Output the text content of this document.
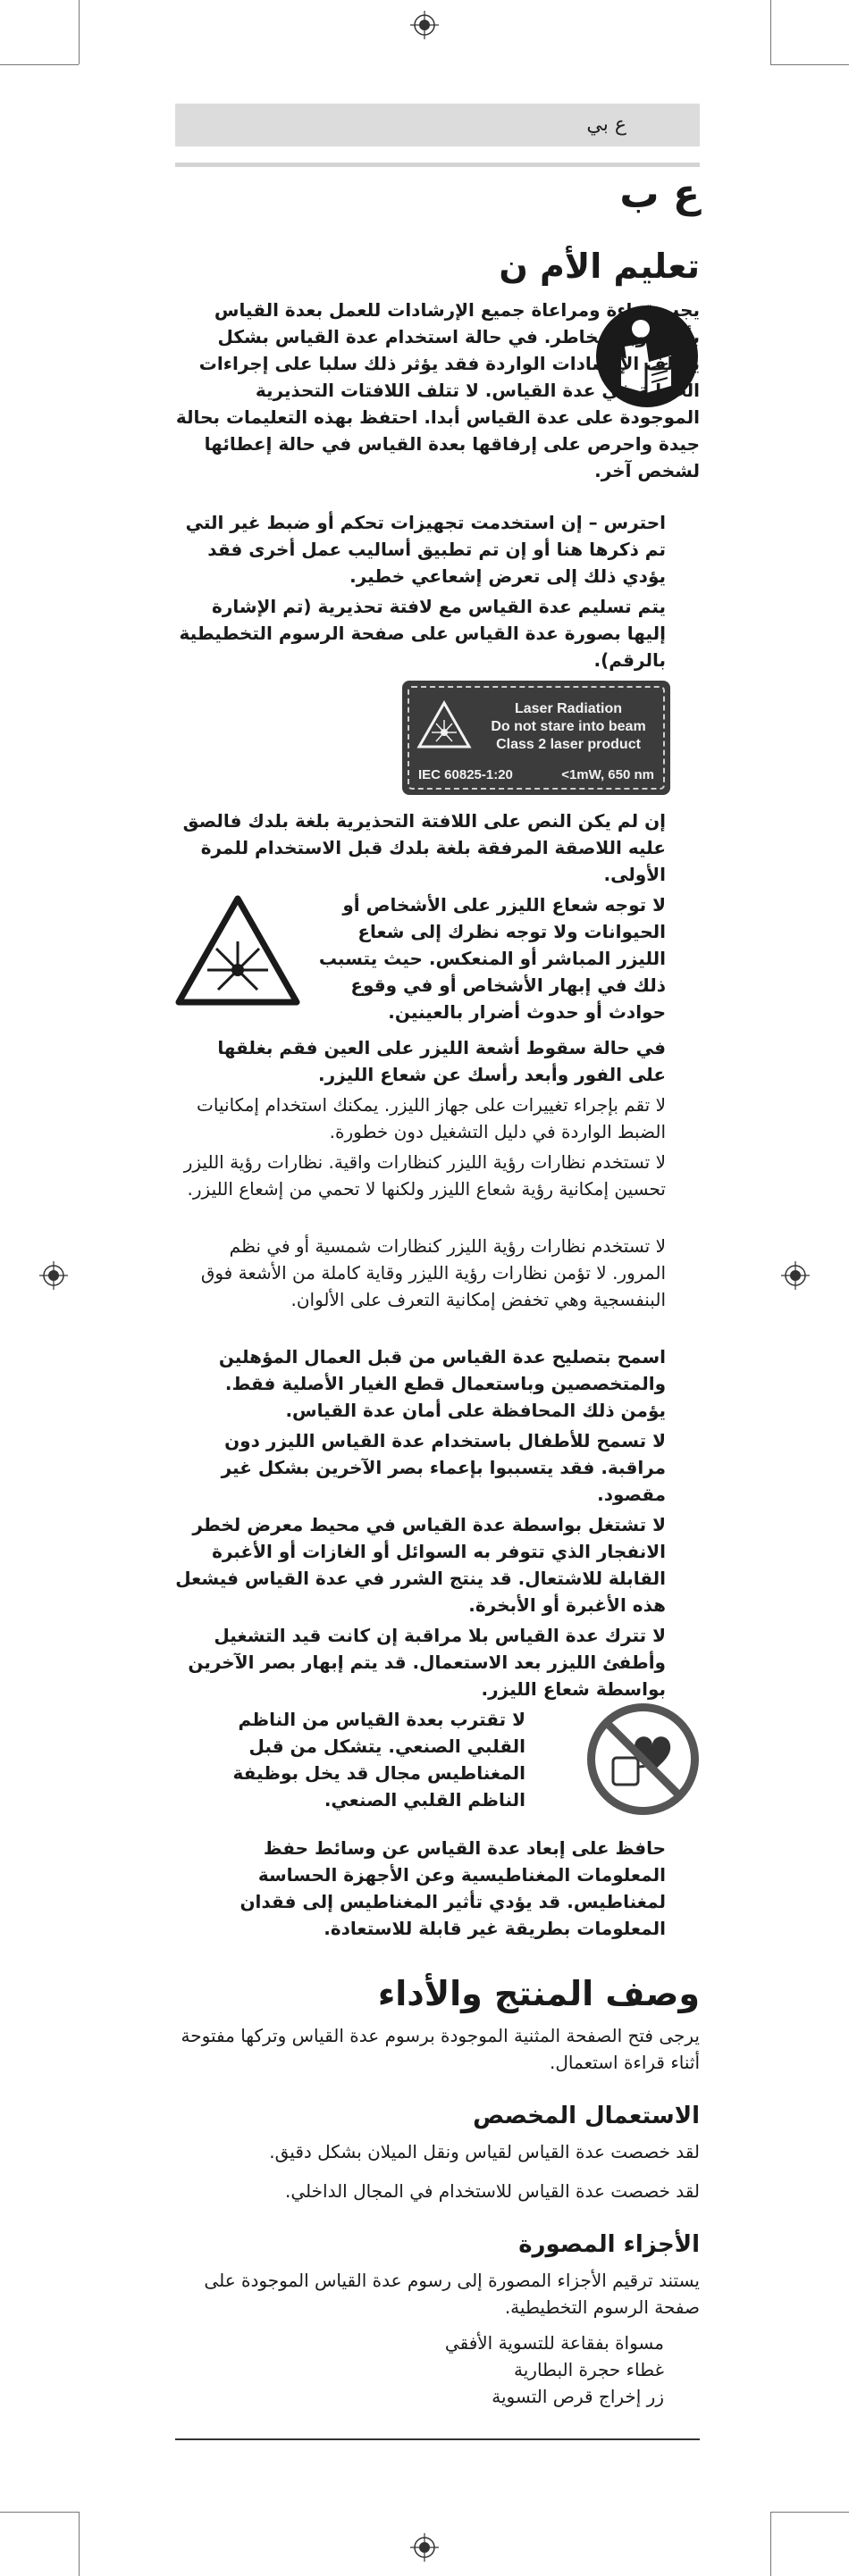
ع بي
ع ب
تعليم الأم ن

يجب قراءة ومراعاة جميع الإرشادات للعمل بعدة القياس بأمان وبلا مخاطر. في حالة استخدام عدة القياس بشكل يخالف الإرشادات الواردة فقد يؤثر ذلك سلبا على إجراءات الحماية في عدة القياس. لا تتلف اللافتات التحذيرية الموجودة على عدة القياس أبدا. احتفظ بهذه التعليمات بحالة جيدة واحرص على إرفاقها بعدة القياس في حالة إعطائها لشخص آخر.

احترس – إن استخدمت تجهيزات تحكم أو ضبط غير التي تم ذكرها هنا أو إن تم تطبيق أساليب عمل أخرى فقد يؤدي ذلك إلى تعرض إشعاعي خطير.

يتم تسليم عدة القياس مع لافتة تحذيرية (تم الإشارة إليها بصورة عدة القياس على صفحة الرسوم التخطيطية بالرقم).

Laser Radiation
Do not stare into beam
Class 2 laser product
IEC 60825-1:20	<1mW, 650 nm

إن لم يكن النص على اللافتة التحذيرية بلغة بلدك فالصق عليه اللاصقة المرفقة بلغة بلدك قبل الاستخدام للمرة الأولى.

لا توجه شعاع الليزر على الأشخاص أو الحيوانات ولا توجه نظرك إلى شعاع الليزر المباشر أو المنعكس. حيث يتسبب ذلك في إبهار الأشخاص أو في وقوع حوادث أو حدوث أضرار بالعينين.

في حالة سقوط أشعة الليزر على العين فقم بغلقها على الفور وأبعد رأسك عن شعاع الليزر.

لا تقم بإجراء تغييرات على جهاز الليزر. يمكنك استخدام إمكانيات الضبط الواردة في دليل التشغيل دون خطورة.

لا تستخدم نظارات رؤية الليزر كنظارات واقية. نظارات رؤية الليزر تحسين إمكانية رؤية شعاع الليزر ولكنها لا تحمي من إشعاع الليزر.

لا تستخدم نظارات رؤية الليزر كنظارات شمسية أو في نظم المرور. لا تؤمن نظارات رؤية الليزر وقاية كاملة من الأشعة فوق البنفسجية وهي تخفض إمكانية التعرف على الألوان.

اسمح بتصليح عدة القياس من قبل العمال المؤهلين والمتخصصين وباستعمال قطع الغيار الأصلية فقط. يؤمن ذلك المحافظة على أمان عدة القياس.

لا تسمح للأطفال باستخدام عدة القياس الليزر دون مراقبة. فقد يتسببوا بإعماء بصر الآخرين بشكل غير مقصود.

لا تشتغل بواسطة عدة القياس في محيط معرض لخطر الانفجار الذي تتوفر به السوائل أو الغازات أو الأغبرة القابلة للاشتعال. قد ينتج الشرر في عدة القياس فيشعل هذه الأغبرة أو الأبخرة.

لا تترك عدة القياس بلا مراقبة إن كانت قيد التشغيل وأطفئ الليزر بعد الاستعمال. قد يتم إبهار بصر الآخرين بواسطة شعاع الليزر.

لا تقترب بعدة القياس من الناظم القلبي الصنعي. يتشكل من قبل المغناطيس مجال قد يخل بوظيفة الناظم القلبي الصنعي.

حافظ على إبعاد عدة القياس عن وسائط حفظ المعلومات المغناطيسية وعن الأجهزة الحساسة لمغناطيس. قد يؤدي تأثير المغناطيس إلى فقدان المعلومات بطريقة غير قابلة للاستعادة.

وصف المنتج والأداء

يرجى فتح الصفحة المثنية الموجودة برسوم عدة القياس وتركها مفتوحة أثناء قراءة استعمال.

الاستعمال المخصص

لقد خصصت عدة القياس لقياس ونقل الميلان بشكل دقيق.

لقد خصصت عدة القياس للاستخدام في المجال الداخلي.

الأجزاء المصورة

يستند ترقيم الأجزاء المصورة إلى رسوم عدة القياس الموجودة على صفحة الرسوم التخطيطية.

مسواة بفقاعة للتسوية الأفقي
غطاء حجرة البطارية
زر إخراج قرص التسوية
